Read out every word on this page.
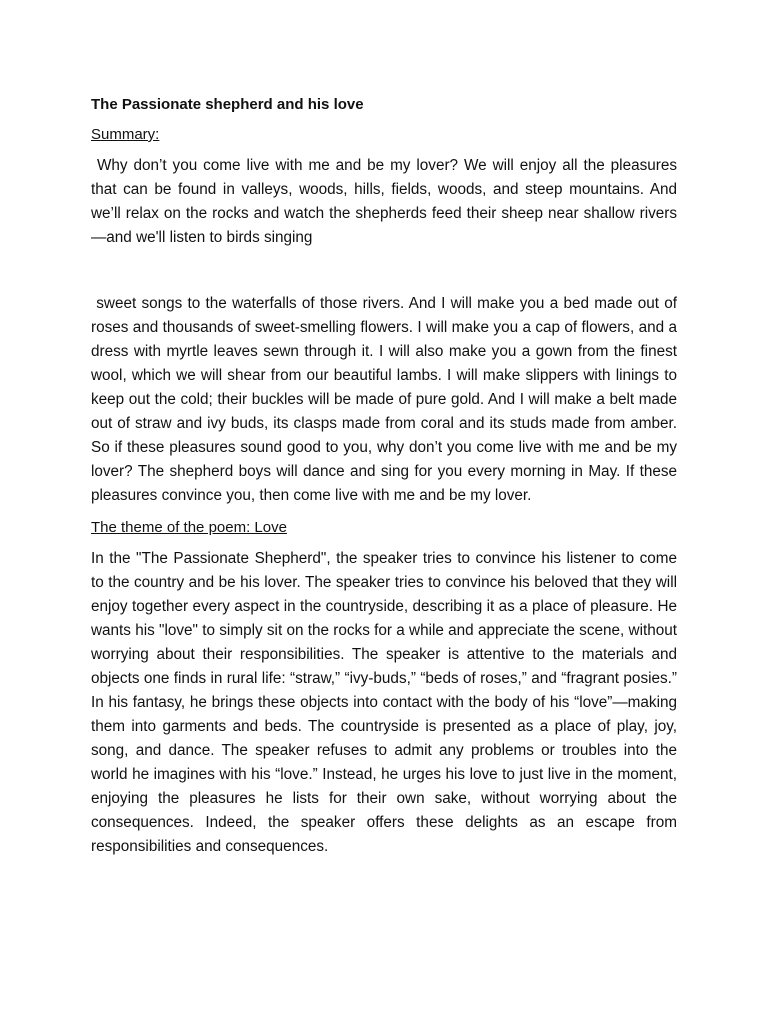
The Passionate shepherd and his love
Summary:

Why don’t you come live with me and be my lover? We will enjoy all the pleasures that can be found in valleys, woods, hills, fields, woods, and steep mountains. And we’ll relax on the rocks and watch the shepherds feed their sheep near shallow rivers—and we'll listen to birds singing

sweet songs to the waterfalls of those rivers. And I will make you a bed made out of roses and thousands of sweet-smelling flowers. I will make you a cap of flowers, and a dress with myrtle leaves sewn through it. I will also make you a gown from the finest wool, which we will shear from our beautiful lambs. I will make slippers with linings to keep out the cold; their buckles will be made of pure gold. And I will make a belt made out of straw and ivy buds, its clasps made from coral and its studs made from amber. So if these pleasures sound good to you, why don’t you come live with me and be my lover? The shepherd boys will dance and sing for you every morning in May. If these pleasures convince you, then come live with me and be my lover.

The theme of the poem: Love

In the "The Passionate Shepherd", the speaker tries to convince his listener to come to the country and be his lover. The speaker tries to convince his beloved that they will enjoy together every aspect in the countryside, describing it as a place of pleasure. He wants his "love" to simply sit on the rocks for a while and appreciate the scene, without worrying about their responsibilities. The speaker is attentive to the materials and objects one finds in rural life: “straw,” “ivy-buds,” “beds of roses,” and “fragrant posies.” In his fantasy, he brings these objects into contact with the body of his “love”—making them into garments and beds. The countryside is presented as a place of play, joy, song, and dance. The speaker refuses to admit any problems or troubles into the world he imagines with his “love.” Instead, he urges his love to just live in the moment, enjoying the pleasures he lists for their own sake, without worrying about the consequences. Indeed, the speaker offers these delights as an escape from responsibilities and consequences.
